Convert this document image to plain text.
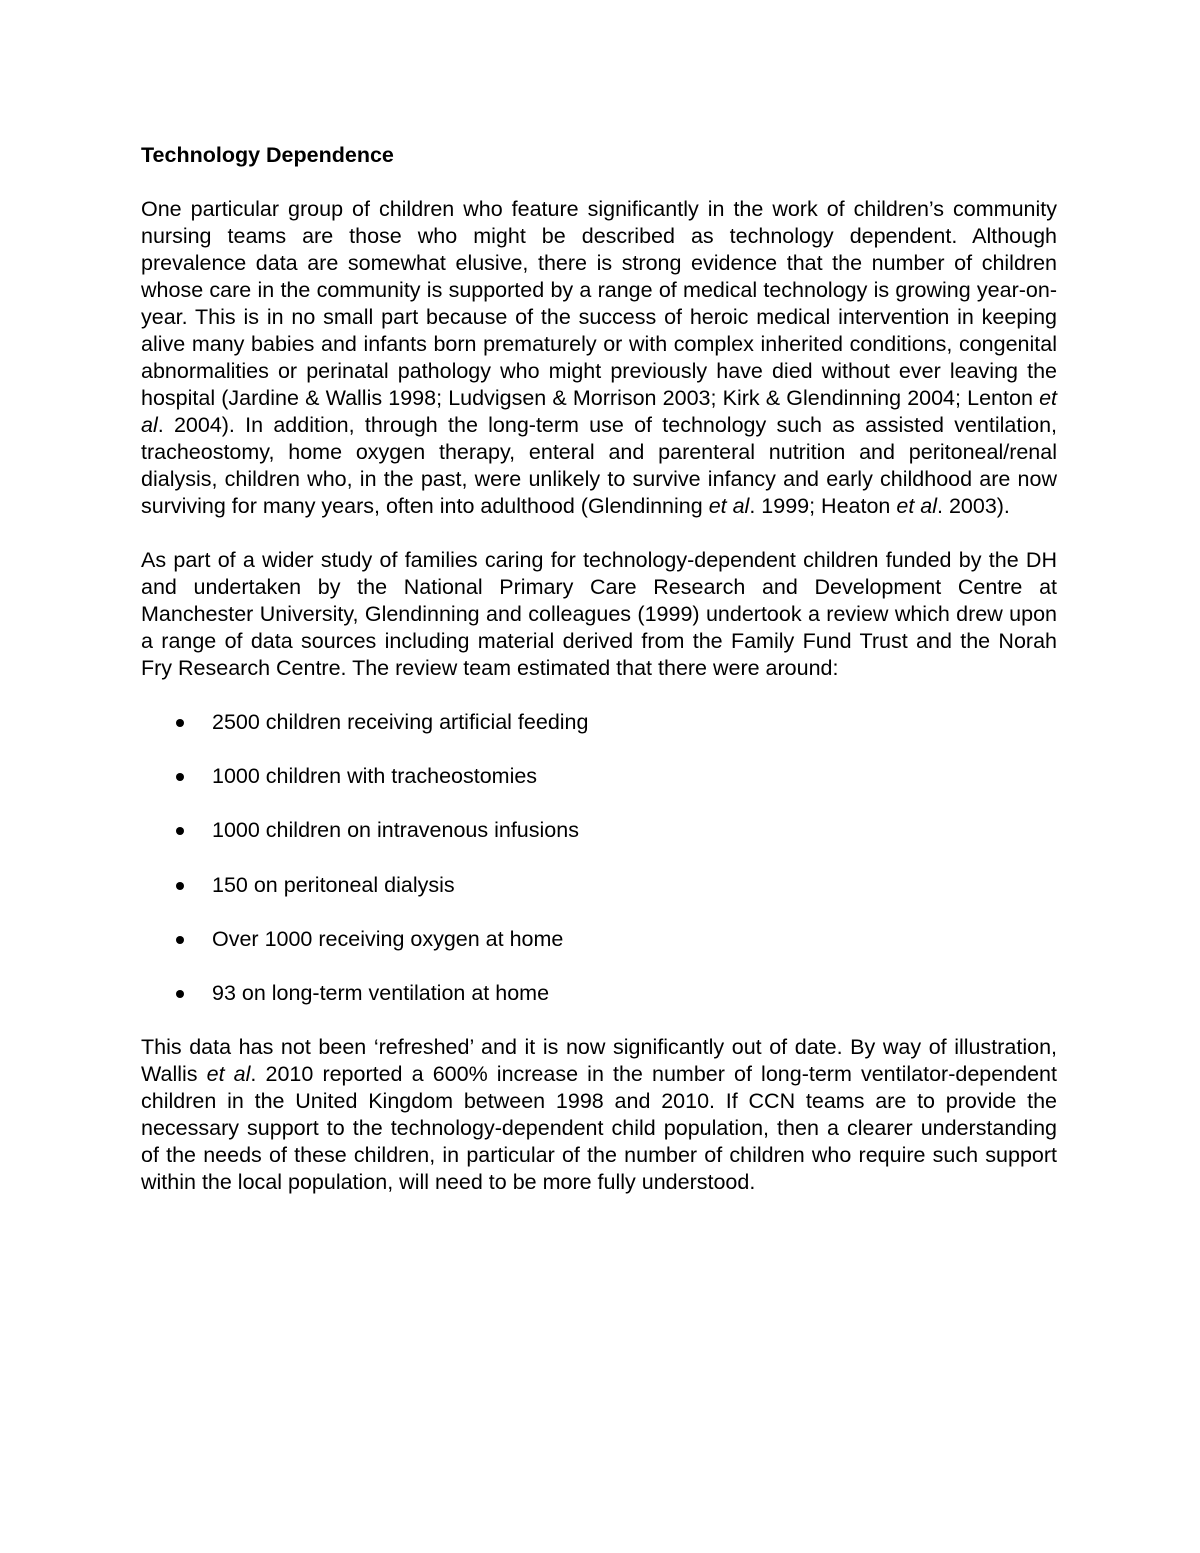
Technology Dependence

One particular group of children who feature significantly in the work of children’s community nursing teams are those who might be described as technology dependent. Although prevalence data are somewhat elusive, there is strong evidence that the number of children whose care in the community is supported by a range of medical technology is growing year-on-year. This is in no small part because of the success of heroic medical intervention in keeping alive many babies and infants born prematurely or with complex inherited conditions, congenital abnormalities or perinatal pathology who might previously have died without ever leaving the hospital (Jardine & Wallis 1998; Ludvigsen & Morrison 2003; Kirk & Glendinning 2004; Lenton et al. 2004). In addition, through the long-term use of technology such as assisted ventilation, tracheostomy, home oxygen therapy, enteral and parenteral nutrition and peritoneal/renal dialysis, children who, in the past, were unlikely to survive infancy and early childhood are now surviving for many years, often into adulthood (Glendinning et al. 1999; Heaton et al. 2003).

As part of a wider study of families caring for technology-dependent children funded by the DH and undertaken by the National Primary Care Research and Development Centre at Manchester University, Glendinning and colleagues (1999) undertook a review which drew upon a range of data sources including material derived from the Family Fund Trust and the Norah Fry Research Centre. The review team estimated that there were around:

2500 children receiving artificial feeding
1000 children with tracheostomies
1000 children on intravenous infusions
150 on peritoneal dialysis
Over 1000 receiving oxygen at home
93 on long-term ventilation at home

This data has not been ‘refreshed’ and it is now significantly out of date. By way of illustration, Wallis et al. 2010 reported a 600% increase in the number of long-term ventilator-dependent children in the United Kingdom between 1998 and 2010. If CCN teams are to provide the necessary support to the technology-dependent child population, then a clearer understanding of the needs of these children, in particular of the number of children who require such support within the local population, will need to be more fully understood.
